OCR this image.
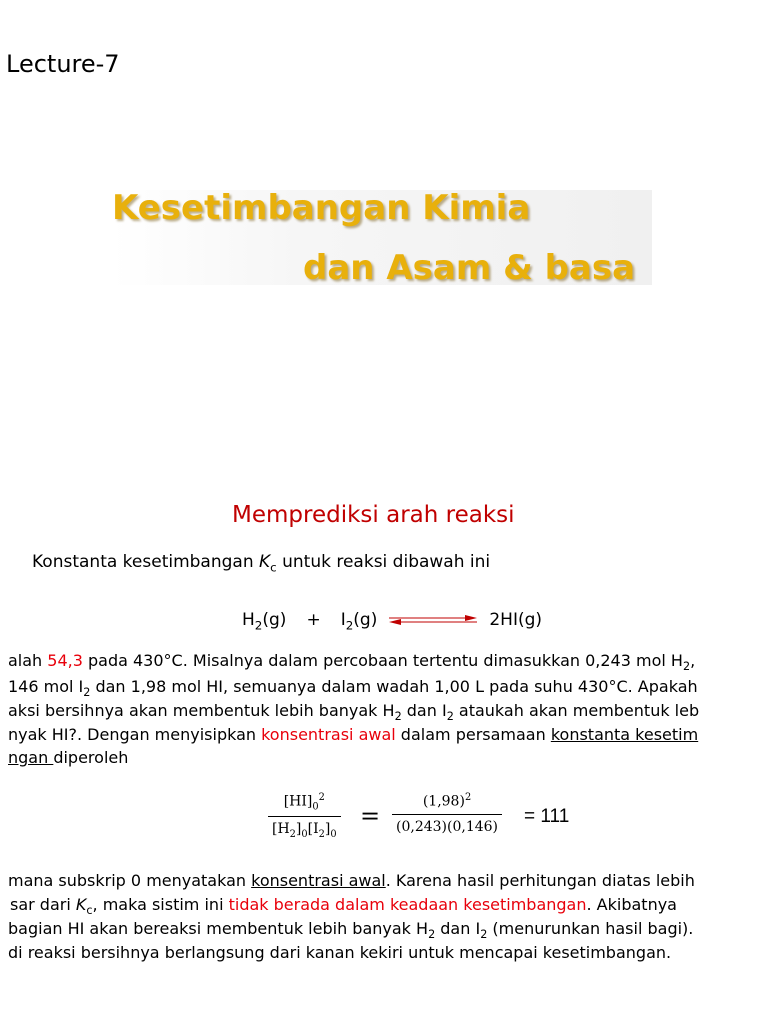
Lecture-7
Kesetimbangan Kimia
dan Asam & basa
Memprediksi arah reaksi
Konstanta kesetimbangan $K_c$ untuk reaksi dibawah ini
$H_2(g) + I_2(g)$	2HI(g)
alah 54,3 pada 430°C. Misalnya dalam percobaan tertentu dimasukkan 0,243 mol $H_2$,
146 mol $I_2$ dan 1,98 mol HI, semuanya dalam wadah 1,00 L pada suhu 430°C. Apakah
aksi bersihnya akan membentuk lebih banyak $H_2$ dan $I_2$ ataukah akan membentuk leb
nyak HI?. Dengan menyisipkan konsentrasi awal dalam persamaan konstanta kesetim
ngan diperoleh
$\frac{[HI]_0^2}{[H_2]_0[I_2]_0} = \frac{(1,98)^2}{(0,243)(0,146)} = 111$
mana subskrip 0 menyatakan konsentrasi awal. Karena hasil perhitungan diatas lebih
sar dari $K_c$, maka sistim ini tidak berada dalam keadaan kesetimbangan. Akibatnya
bagian HI akan bereaksi membentuk lebih banyak $H_2$ dan $I_2$ (menurunkan hasil bagi).
di reaksi bersihnya berlangsung dari kanan kekiri untuk mencapai kesetimbangan.
